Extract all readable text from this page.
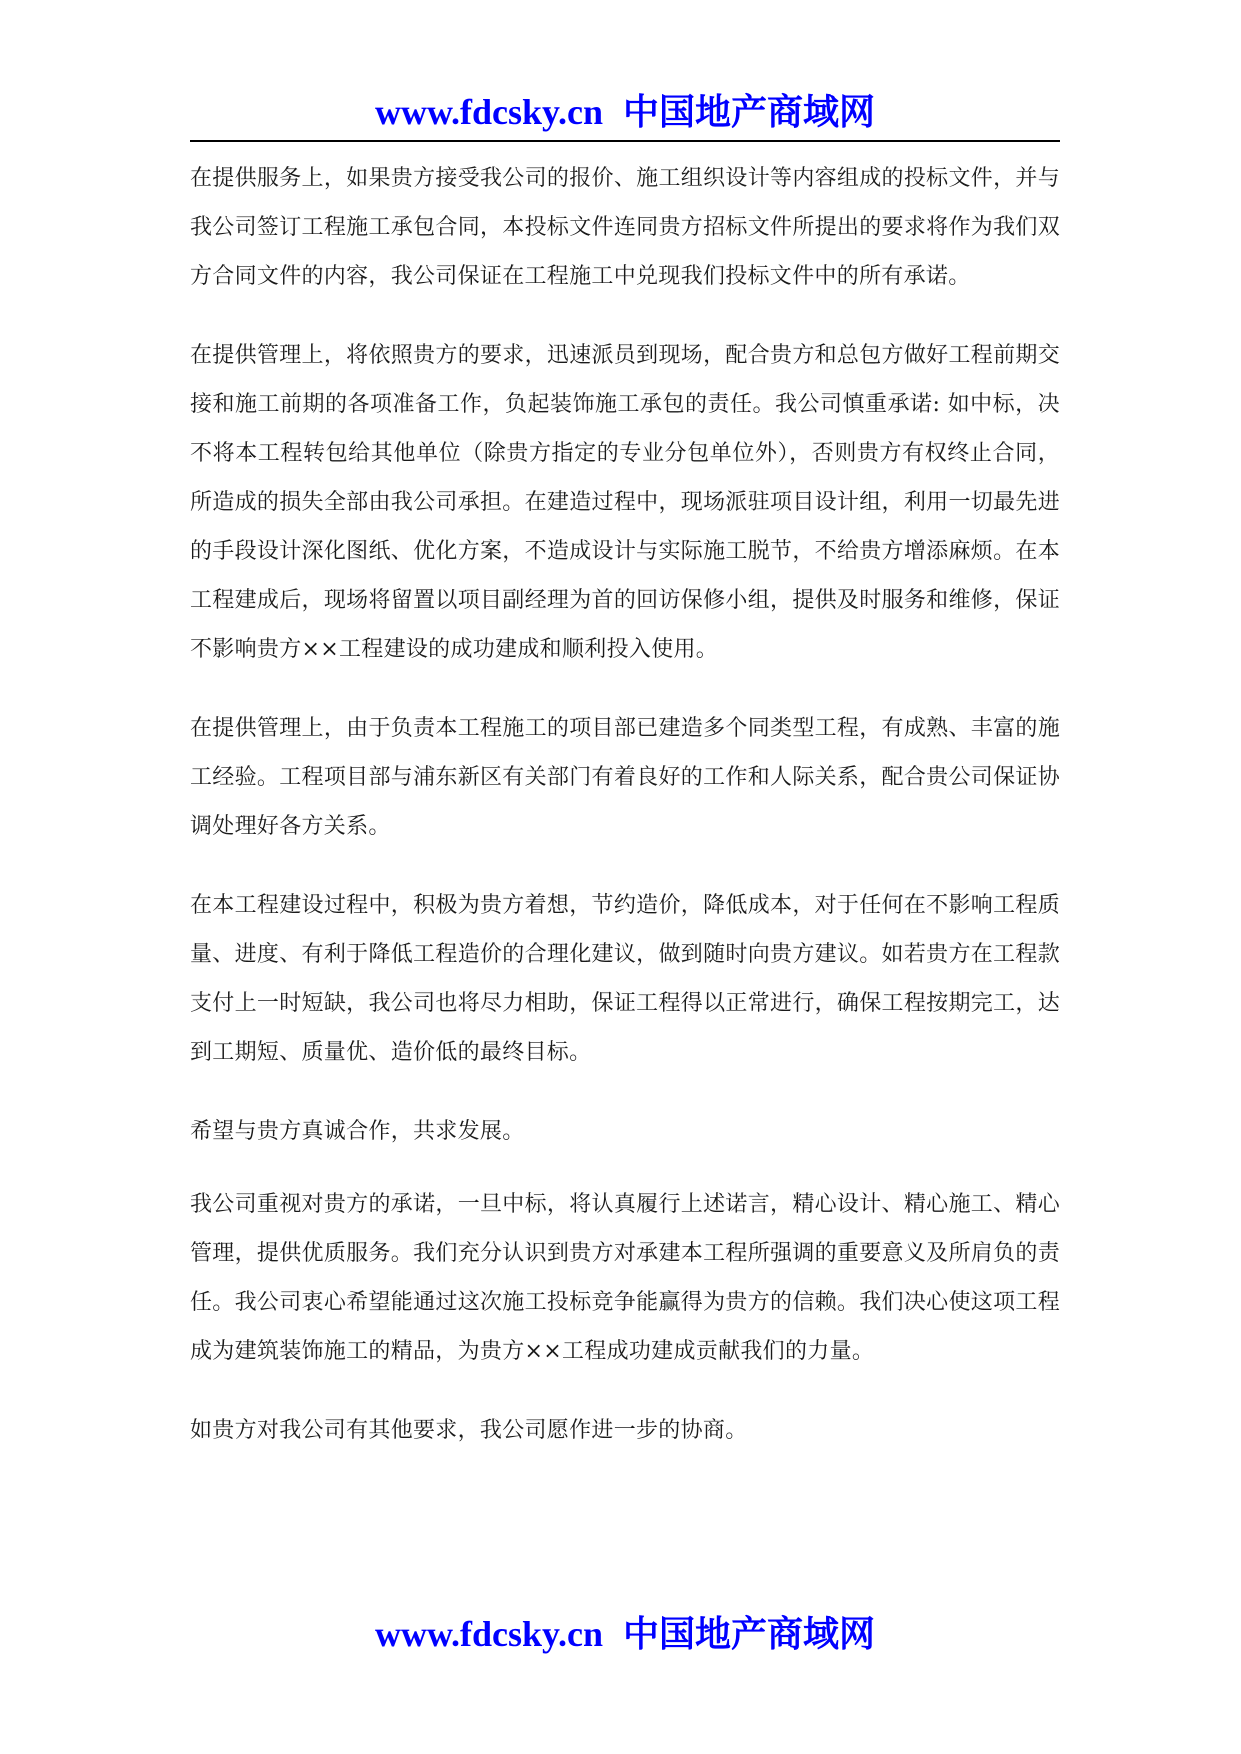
www.fdcsky.cn 中国地产商域网

在提供服务上，如果贵方接受我公司的报价、施工组织设计等内容组成的投标文件，并与我公司签订工程施工承包合同，本投标文件连同贵方招标文件所提出的要求将作为我们双方合同文件的内容，我公司保证在工程施工中兑现我们投标文件中的所有承诺。

在提供管理上，将依照贵方的要求，迅速派员到现场，配合贵方和总包方做好工程前期交接和施工前期的各项准备工作，负起装饰施工承包的责任。我公司慎重承诺: 如中标，决不将本工程转包给其他单位（除贵方指定的专业分包单位外），否则贵方有权终止合同，所造成的损失全部由我公司承担。在建造过程中，现场派驻项目设计组，利用一切最先进的手段设计深化图纸、优化方案，不造成设计与实际施工脱节，不给贵方增添麻烦。在本工程建成后，现场将留置以项目副经理为首的回访保修小组，提供及时服务和维修，保证不影响贵方××工程建设的成功建成和顺利投入使用。

在提供管理上，由于负责本工程施工的项目部已建造多个同类型工程，有成熟、丰富的施工经验。工程项目部与浦东新区有关部门有着良好的工作和人际关系，配合贵公司保证协调处理好各方关系。

在本工程建设过程中，积极为贵方着想，节约造价，降低成本，对于任何在不影响工程质量、进度、有利于降低工程造价的合理化建议，做到随时向贵方建议。如若贵方在工程款支付上一时短缺，我公司也将尽力相助，保证工程得以正常进行，确保工程按期完工，达到工期短、质量优、造价低的最终目标。

希望与贵方真诚合作，共求发展。

我公司重视对贵方的承诺，一旦中标，将认真履行上述诺言，精心设计、精心施工、精心管理，提供优质服务。我们充分认识到贵方对承建本工程所强调的重要意义及所肩负的责任。我公司衷心希望能通过这次施工投标竞争能赢得为贵方的信赖。我们决心使这项工程成为建筑装饰施工的精品，为贵方××工程成功建成贡献我们的力量。

如贵方对我公司有其他要求，我公司愿作进一步的协商。

www.fdcsky.cn 中国地产商域网
